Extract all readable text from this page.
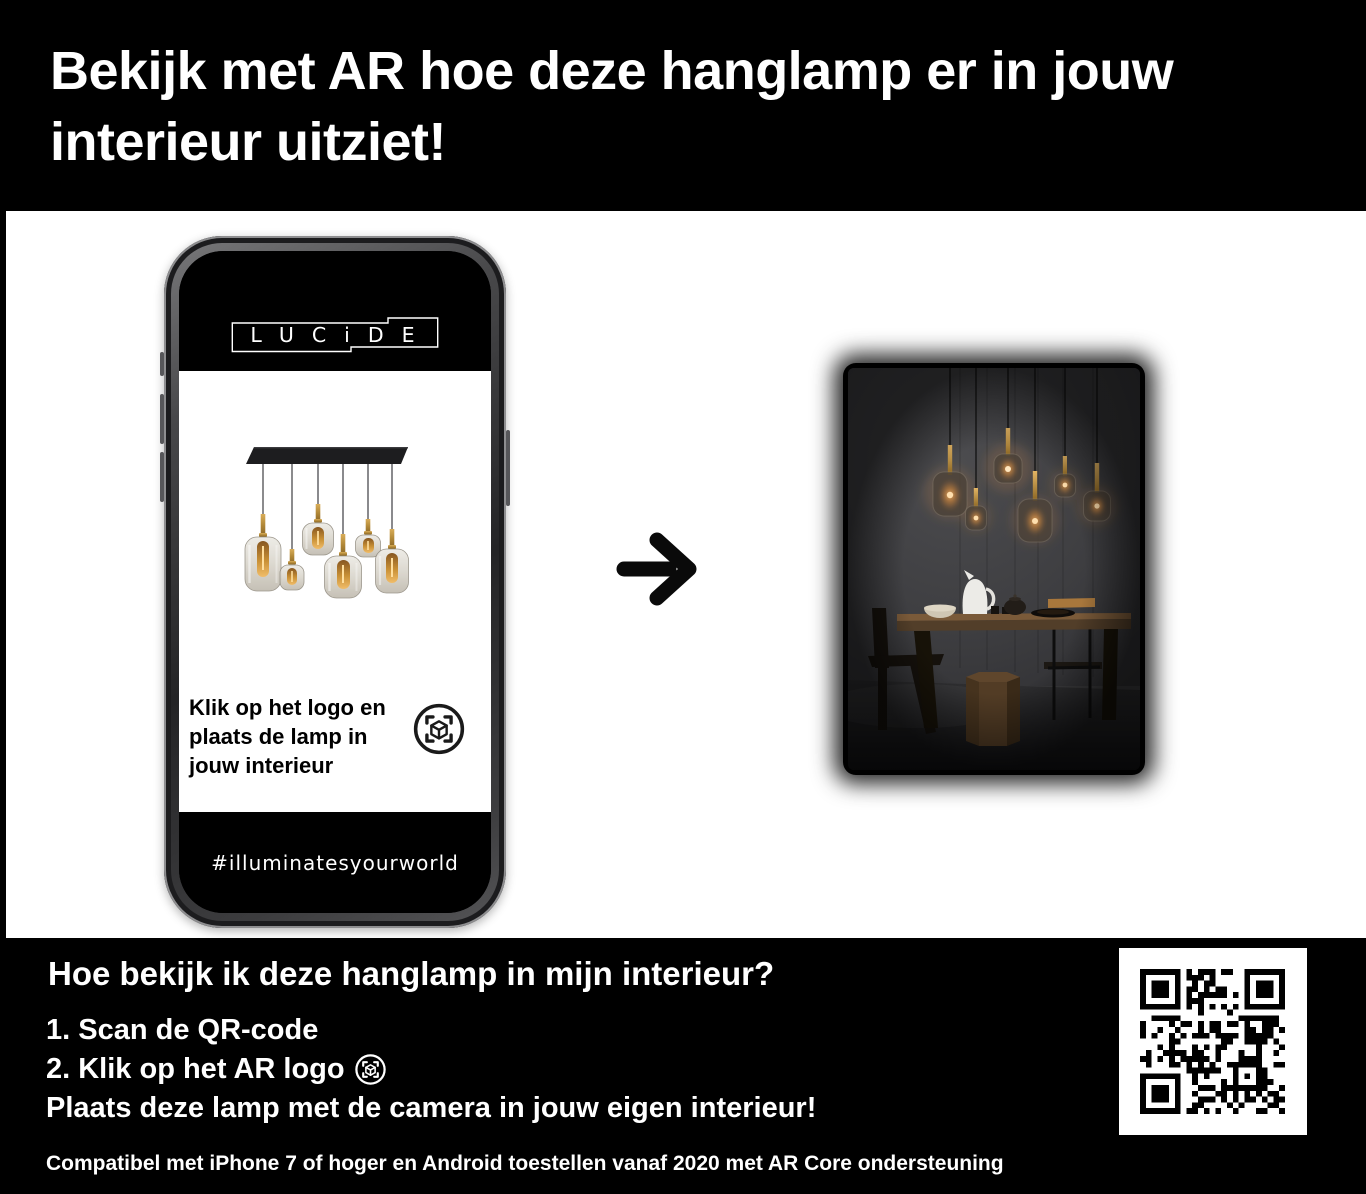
Bekijk met AR hoe deze hanglamp er in jouw
interieur uitziet!
LUCiDE
Klik op het logo en
plaats de lamp in
jouw interieur
#illuminatesyourworld
Hoe bekijk ik deze hanglamp in mijn interieur?
1. Scan de QR-code
2. Klik op het AR logo
Plaats deze lamp met de camera in jouw eigen interieur!
Compatibel met iPhone 7 of hoger en Android toestellen vanaf 2020 met AR Core ondersteuning
